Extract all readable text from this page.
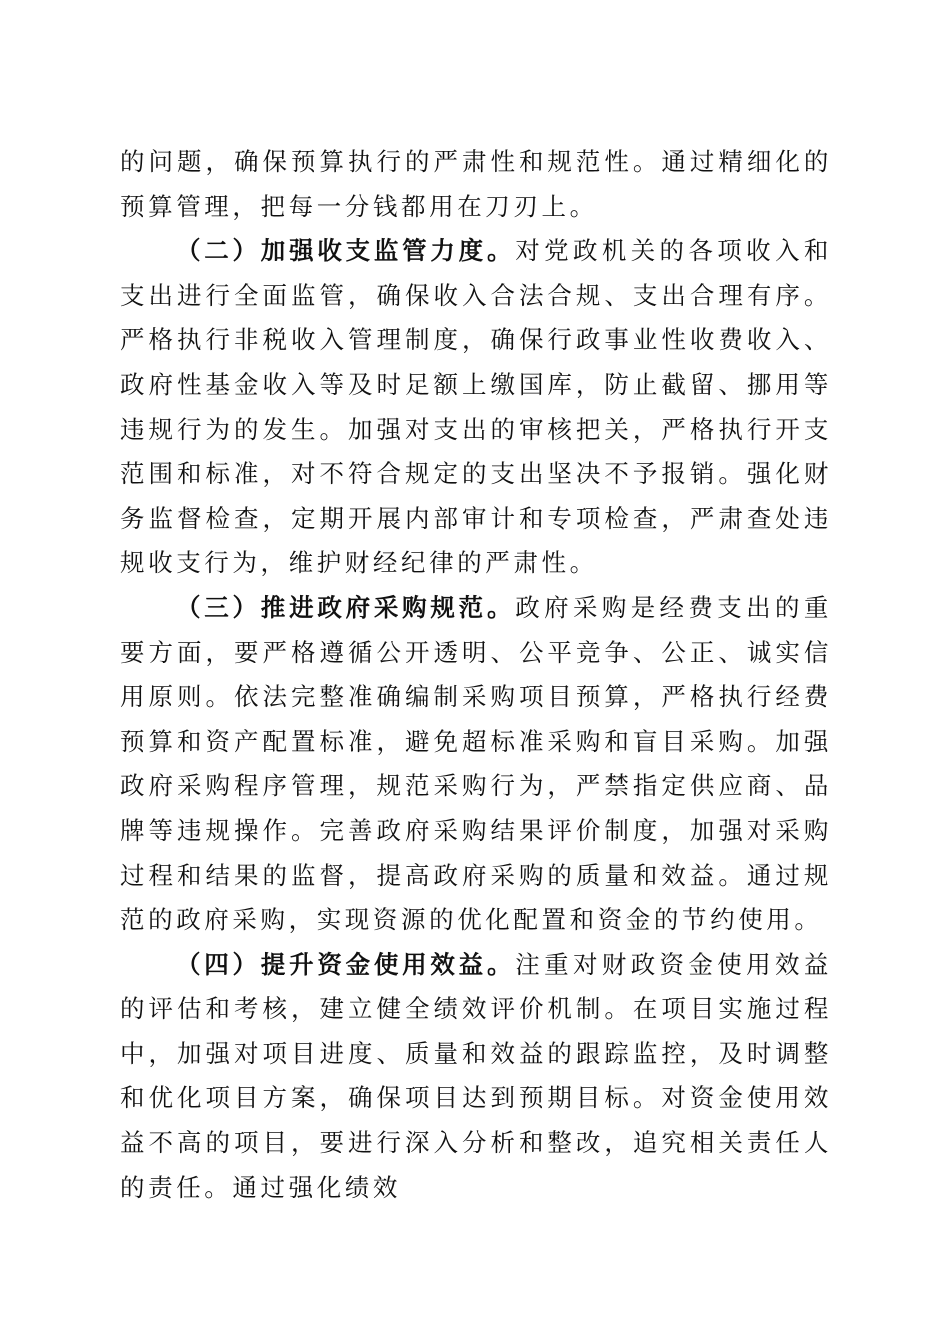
的问题，确保预算执行的严肃性和规范性。通过精细化的预算管理，把每一分钱都用在刀刃上。

（二）加强收支监管力度。对党政机关的各项收入和支出进行全面监管，确保收入合法合规、支出合理有序。严格执行非税收入管理制度，确保行政事业性收费收入、政府性基金收入等及时足额上缴国库，防止截留、挪用等违规行为的发生。加强对支出的审核把关，严格执行开支范围和标准，对不符合规定的支出坚决不予报销。强化财务监督检查，定期开展内部审计和专项检查，严肃查处违规收支行为，维护财经纪律的严肃性。

（三）推进政府采购规范。政府采购是经费支出的重要方面，要严格遵循公开透明、公平竞争、公正、诚实信用原则。依法完整准确编制采购项目预算，严格执行经费预算和资产配置标准，避免超标准采购和盲目采购。加强政府采购程序管理，规范采购行为，严禁指定供应商、品牌等违规操作。完善政府采购结果评价制度，加强对采购过程和结果的监督，提高政府采购的质量和效益。通过规范的政府采购，实现资源的优化配置和资金的节约使用。

（四）提升资金使用效益。注重对财政资金使用效益的评估和考核，建立健全绩效评价机制。在项目实施过程中，加强对项目进度、质量和效益的跟踪监控，及时调整和优化项目方案，确保项目达到预期目标。对资金使用效益不高的项目，要进行深入分析和整改，追究相关责任人的责任。通过强化绩效
